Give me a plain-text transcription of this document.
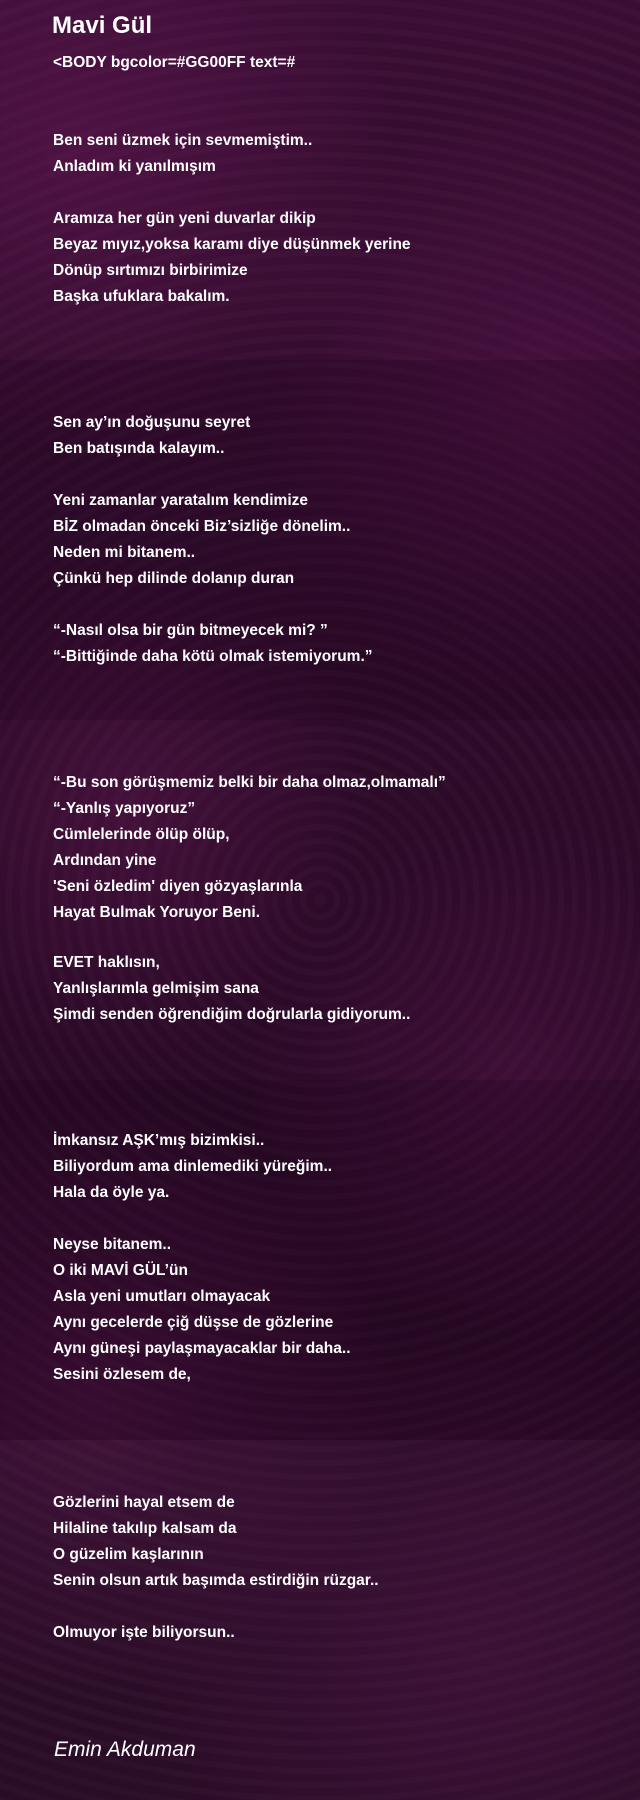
Mavi Gül
<BODY bgcolor=#GG00FF text=#
Ben seni üzmek için sevmemiştim..
Anladım ki yanılmışım
Aramıza her gün yeni duvarlar dikip
Beyaz mıyız,yoksa karamı diye düşünmek yerine
Dönüp sırtımızı birbirimize
Başka ufuklara bakalım.
Sen ay’ın doğuşunu seyret
Ben batışında kalayım..
Yeni zamanlar yaratalım kendimize
BİZ olmadan önceki Biz’sizliğe dönelim..
Neden mi bitanem..
Çünkü hep dilinde dolanıp duran
“-Nasıl olsa bir gün bitmeyecek mi? ”
“-Bittiğinde daha kötü olmak istemiyorum.”
“-Bu son görüşmemiz belki bir daha olmaz,olmamalı”
“-Yanlış yapıyoruz”
Cümlelerinde ölüp ölüp,
Ardından yine
'Seni özledim' diyen gözyaşlarınla
Hayat Bulmak Yoruyor Beni.
EVET haklısın,
Yanlışlarımla gelmişim sana
Şimdi senden öğrendiğim doğrularla gidiyorum..
İmkansız AŞK’mış bizimkisi..
Biliyordum ama dinlemediki yüreğim..
Hala da öyle ya.
Neyse bitanem..
O iki MAVİ GÜL’ün
Asla yeni umutları olmayacak
Aynı gecelerde çiğ düşse de gözlerine
Aynı güneşi paylaşmayacaklar bir daha..
Sesini özlesem de,
Gözlerini hayal etsem de
Hilaline takılıp kalsam da
O güzelim kaşlarının
Senin olsun artık başımda estirdiğin rüzgar..
Olmuyor işte biliyorsun..

Emin Akduman
